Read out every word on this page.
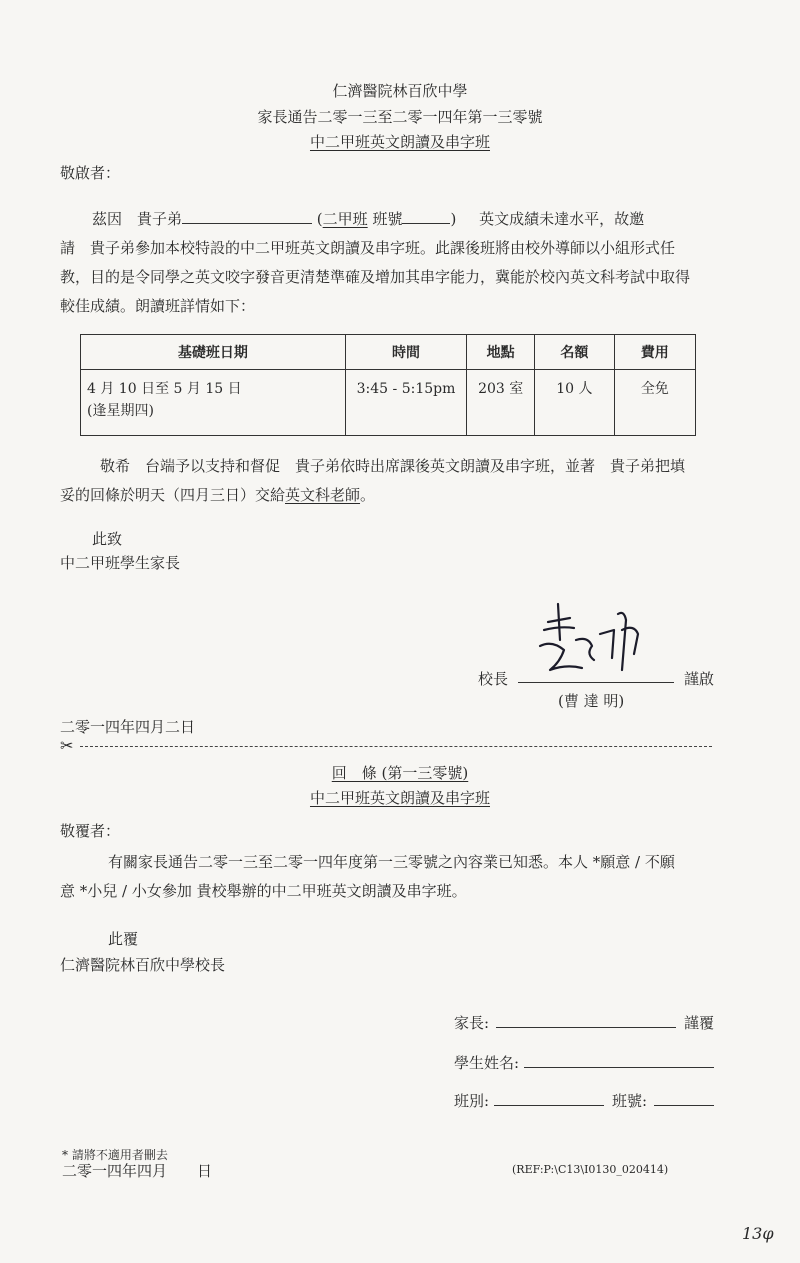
仁濟醫院林百欣中學
家長通告二零一三至二零一四年第一三零號
中二甲班英文朗讀及串字班
敬啟者：
茲因　貴子弟	(二甲班 班號	) 英文成績未達水平，故邀
請　貴子弟參加本校特設的中二甲班英文朗讀及串字班。此課後班將由校外導師以小組形式任
教，目的是令同學之英文咬字發音更清楚準確及增加其串字能力，冀能於校內英文科考試中取得
較佳成績。朗讀班詳情如下：
基礎班日期	時間	地點	名額	費用

4 月 10 日至 5 月 15 日
(逢星期四)	3:45 - 5:15pm	203 室	10 人	全免
敬希　台端予以支持和督促　貴子弟依時出席課後英文朗讀及串字班，並著　貴子弟把填
妥的回條於明天（四月三日）交給英文科老師。
此致
中二甲班學生家長
校長	謹啟
(曹 達 明)
二零一四年四月二日
✂
回　條 (第一三零號)
中二甲班英文朗讀及串字班
敬覆者：
有關家長通告二零一三至二零一四年度第一三零號之內容業已知悉。本人 *願意 / 不願
意 *小兒 / 小女參加 貴校舉辦的中二甲班英文朗讀及串字班。
此覆
仁濟醫院林百欣中學校長
家長:	謹覆
學生姓名:
班別:	班號:
* 請將不適用者刪去
二零一四年四月　　日	(REF:P:\C13\I0130_020414)
13φ
